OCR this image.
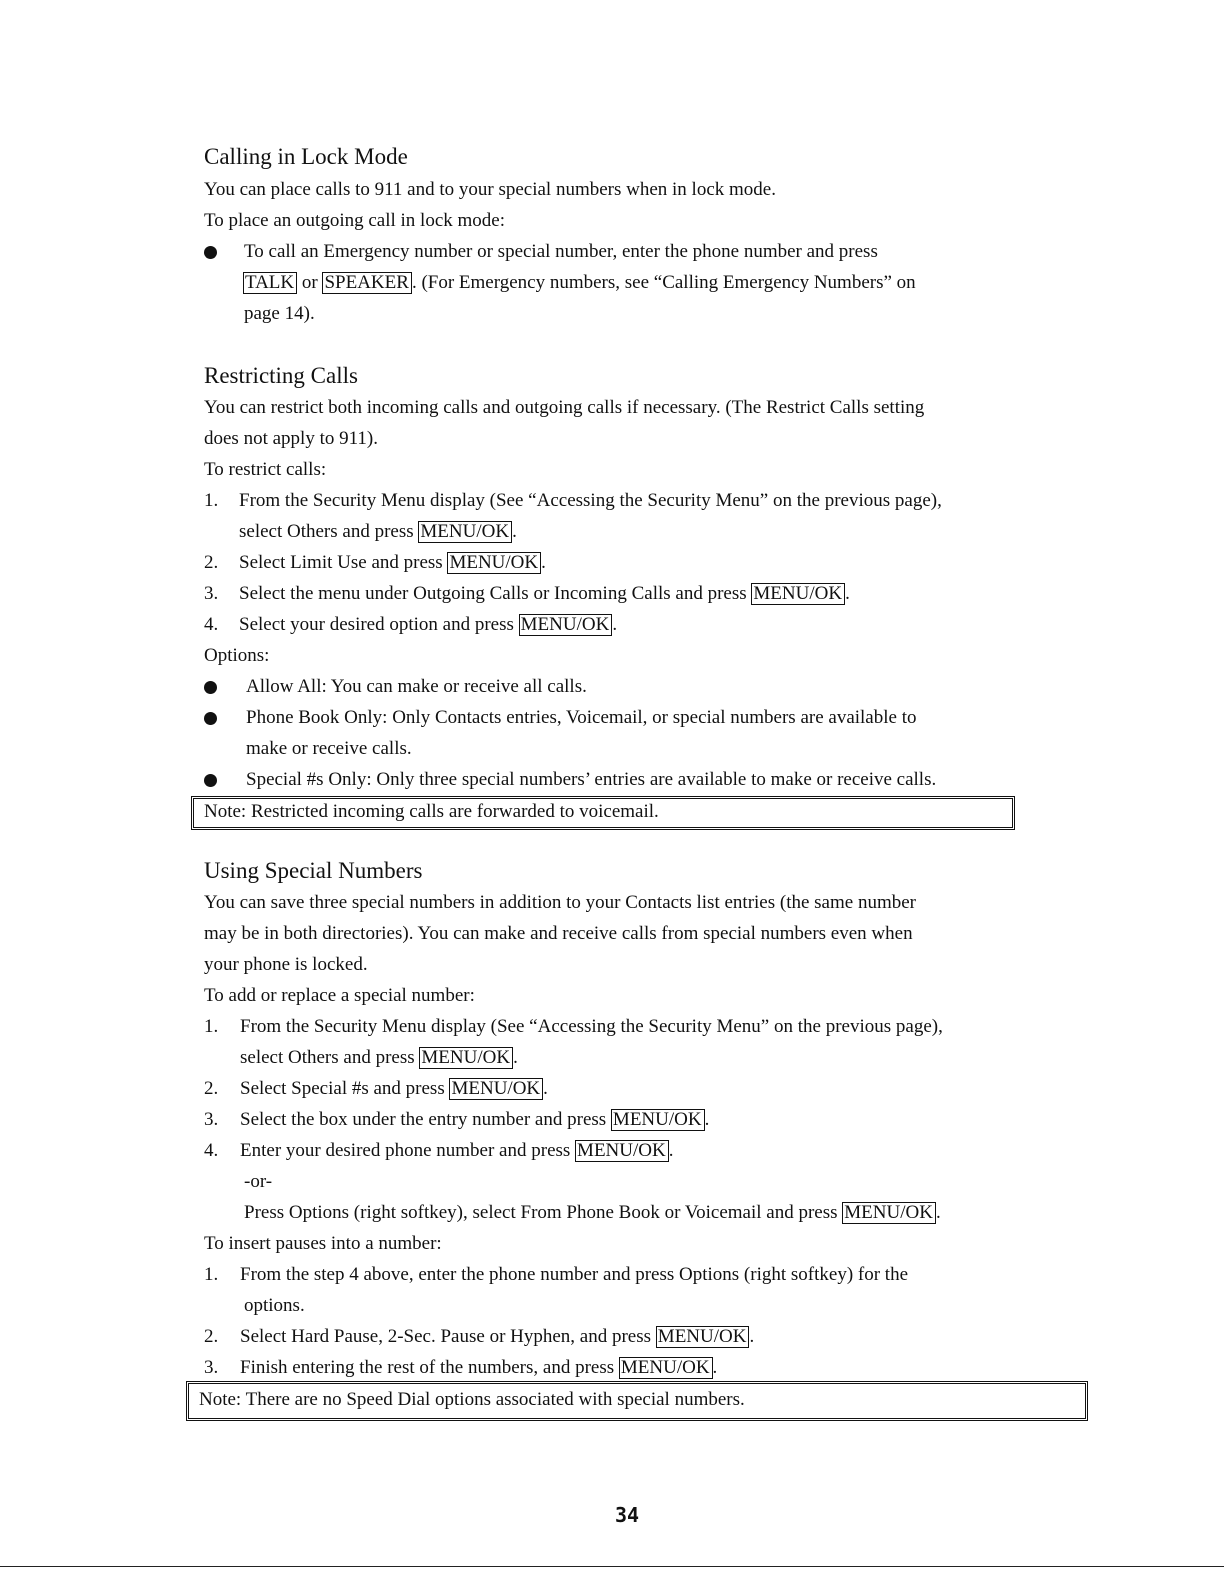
Calling in Lock Mode
You can place calls to 911 and to your special numbers when in lock mode.
To place an outgoing call in lock mode:
To call an Emergency number or special number, enter the phone number and press
TALK or SPEAKER . (For Emergency numbers, see “Calling Emergency Numbers” on
page 14).
Restricting Calls
You can restrict both incoming calls and outgoing calls if necessary. (The Restrict Calls setting
does not apply to 911).
To restrict calls:
1. From the Security Menu display (See “Accessing the Security Menu” on the previous page),
select Others and press MENU/OK .
2. Select Limit Use and press MENU/OK .
3. Select the menu under Outgoing Calls or Incoming Calls and press MENU/OK .
4. Select your desired option and press MENU/OK .
Options:
Allow All: You can make or receive all calls.
Phone Book Only: Only Contacts entries, Voicemail, or special numbers are available to
make or receive calls.
Special #s Only: Only three special numbers’ entries are available to make or receive calls.
Note: Restricted incoming calls are forwarded to voicemail.
Using Special Numbers
You can save three special numbers in addition to your Contacts list entries (the same number
may be in both directories). You can make and receive calls from special numbers even when
your phone is locked.
To add or replace a special number:
1. From the Security Menu display (See “Accessing the Security Menu” on the previous page),
select Others and press MENU/OK .
2. Select Special #s and press MENU/OK .
3. Select the box under the entry number and press MENU/OK .
4. Enter your desired phone number and press MENU/OK .
-or-
Press Options (right softkey), select From Phone Book or Voicemail and press MENU/OK .
To insert pauses into a number:
1. From the step 4 above, enter the phone number and press Options (right softkey) for the
options.
2. Select Hard Pause, 2-Sec. Pause or Hyphen, and press MENU/OK .
3. Finish entering the rest of the numbers, and press MENU/OK .
Note: There are no Speed Dial options associated with special numbers.
34
